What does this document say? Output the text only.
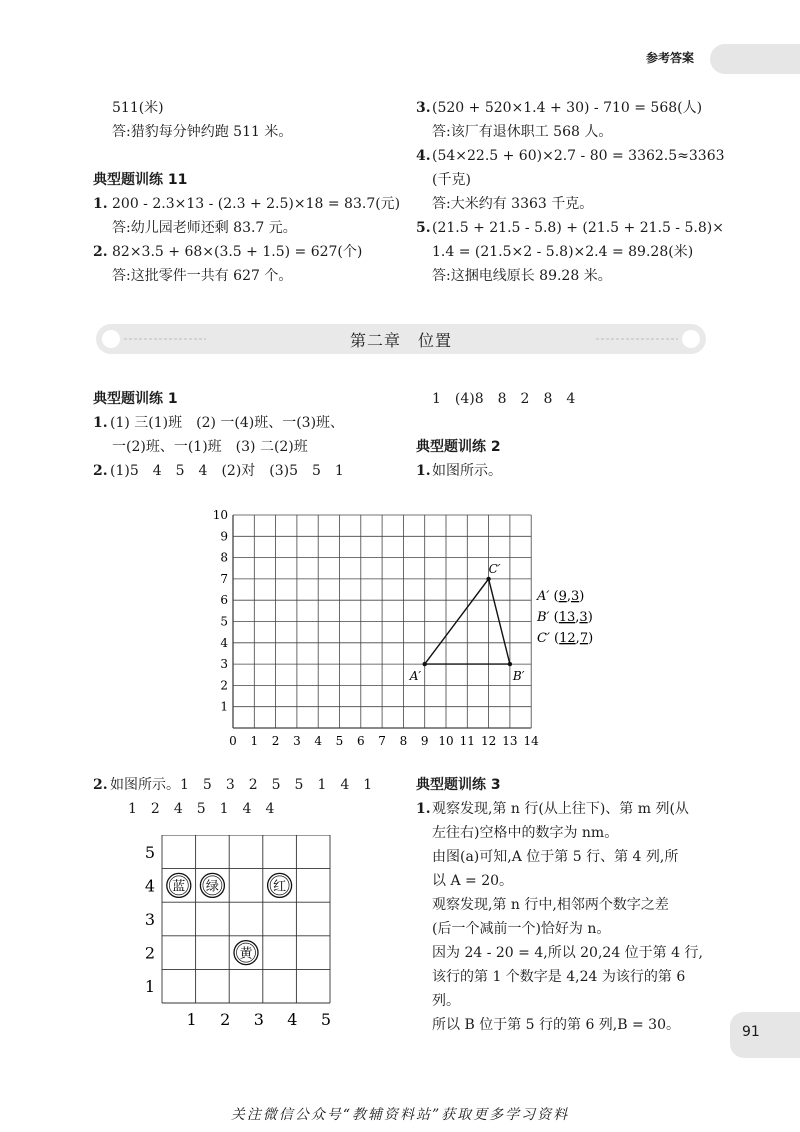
参考答案
511(米)
答:猎豹每分钟约跑 511 米。
典型题训练 11
1. 200 - 2.3×13 - (2.3 + 2.5)×18 = 83.7(元)
答:幼儿园老师还剩 83.7 元。
2. 82×3.5 + 68×(3.5 + 1.5) = 627(个)
答:这批零件一共有 627 个。
3. (520 + 520×1.4 + 30) - 710 = 568(人)
答:该厂有退休职工 568 人。
4. (54×22.5 + 60)×2.7 - 80 = 3362.5≈3363
(千克)
答:大米约有 3363 千克。
5. (21.5 + 21.5 - 5.8) + (21.5 + 21.5 - 5.8)×
1.4 = (21.5×2 - 5.8)×2.4 = 89.28(米)
答:这捆电线原长 89.28 米。
第二章　位置
典型题训练 1
1. (1) 三(1)班　(2) 一(4)班、一(3)班、
一(2)班、一(1)班　(3) 二(2)班
2. (1)5　4　5　4　(2)对　(3)5　5　1
1　(4)8　8　2　8　4
典型题训练 2
1. 如图所示。
0 1 2 3 4 5 6 7 8 9 10 11 12 13 14
1
2
3
4
5
6
7
8
9
10
A′	B′
C′
A′ (9,3)
B′ (13,3)
C′ (12,7)
2. 如图所示。1　5　3　2　5　5　1　4　1
1　2　4　5　1　4　4
5
4
3
2
1
1 2 3 4 5
蓝 绿	红
黄
典型题训练 3
1. 观察发现,第 n 行(从上往下)、第 m 列(从
左往右)空格中的数字为 nm。
由图(a)可知,A 位于第 5 行、第 4 列,所
以 A = 20。
观察发现,第 n 行中,相邻两个数字之差
(后一个减前一个)恰好为 n。
因为 24 - 20 = 4,所以 20,24 位于第 4 行,
该行的第 1 个数字是 4,24 为该行的第 6
列。
所以 B 位于第 5 行的第 6 列,B = 30。	91
关注微信公众号“教辅资料站”获取更多学习资料
